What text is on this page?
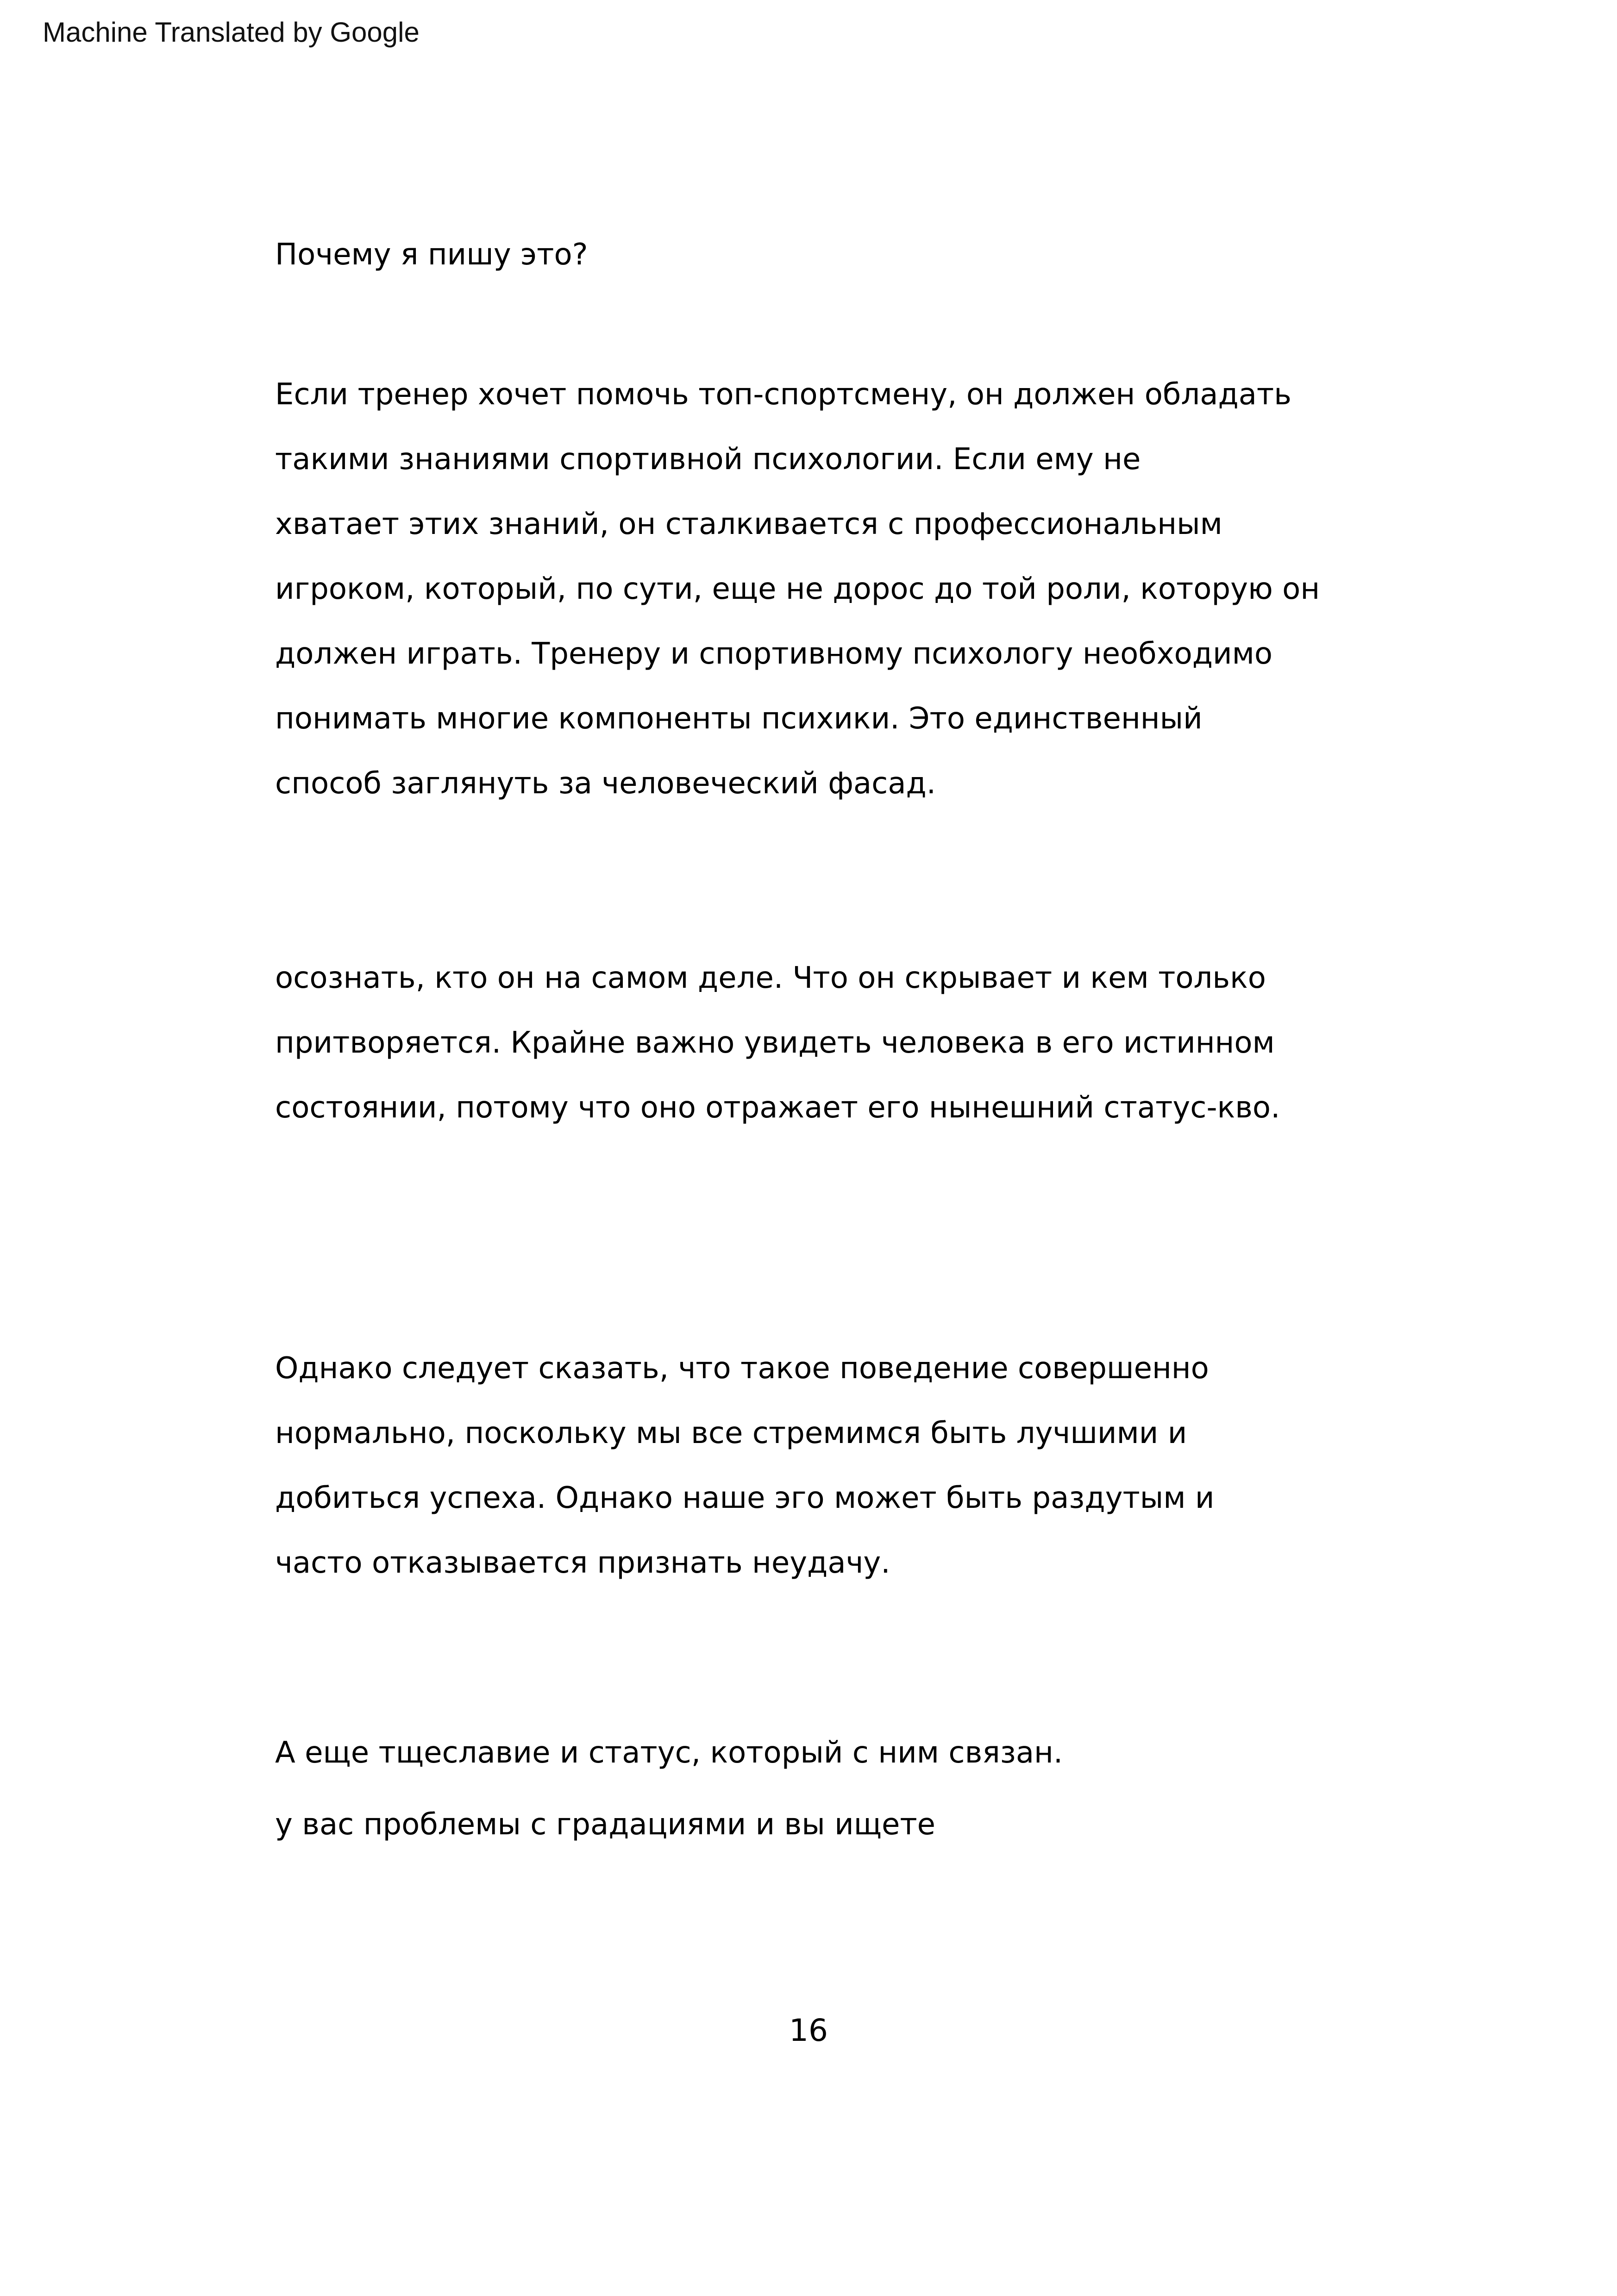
Machine Translated by Google
Почему я пишу это?
Если тренер хочет помочь топ-спортсмену, он должен обладать
такими знаниями спортивной психологии. Если ему не
хватает этих знаний, он сталкивается с профессиональным
игроком, который, по сути, еще не дорос до той роли, которую он
должен играть. Тренеру и спортивному психологу необходимо
понимать многие компоненты психики. Это единственный
способ заглянуть за человеческий фасад.
осознать, кто он на самом деле. Что он скрывает и кем только
притворяется. Крайне важно увидеть человека в его истинном
состоянии, потому что оно отражает его нынешний статус-кво.
Однако следует сказать, что такое поведение совершенно
нормально, поскольку мы все стремимся быть лучшими и
добиться успеха. Однако наше эго может быть раздутым и
часто отказывается признать неудачу.
А еще тщеславие и статус, который с ним связан.
у вас проблемы с градациями и вы ищете
16
